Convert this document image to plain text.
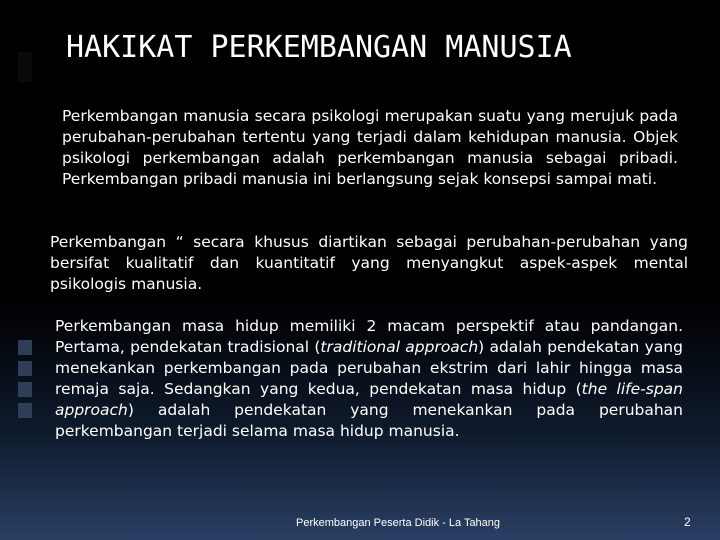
HAKIKAT PERKEMBANGAN MANUSIA
Perkembangan manusia secara psikologi merupakan suatu yang merujuk pada perubahan-perubahan tertentu yang terjadi dalam kehidupan manusia. Objek psikologi perkembangan adalah perkembangan manusia sebagai pribadi. Perkembangan pribadi manusia ini berlangsung sejak konsepsi sampai mati.
Perkembangan “ secara khusus diartikan sebagai perubahan-perubahan yang bersifat kualitatif dan kuantitatif yang menyangkut aspek-aspek mental psikologis manusia.
Perkembangan masa hidup memiliki 2 macam perspektif atau pandangan. Pertama, pendekatan tradisional (traditional approach) adalah pendekatan yang menekankan perkembangan pada perubahan ekstrim dari lahir hingga masa remaja saja. Sedangkan yang kedua, pendekatan masa hidup (the life-span approach) adalah pendekatan yang menekankan pada perubahan perkembangan terjadi selama masa hidup manusia.
Perkembangan Peserta Didik - La Tahang	2
